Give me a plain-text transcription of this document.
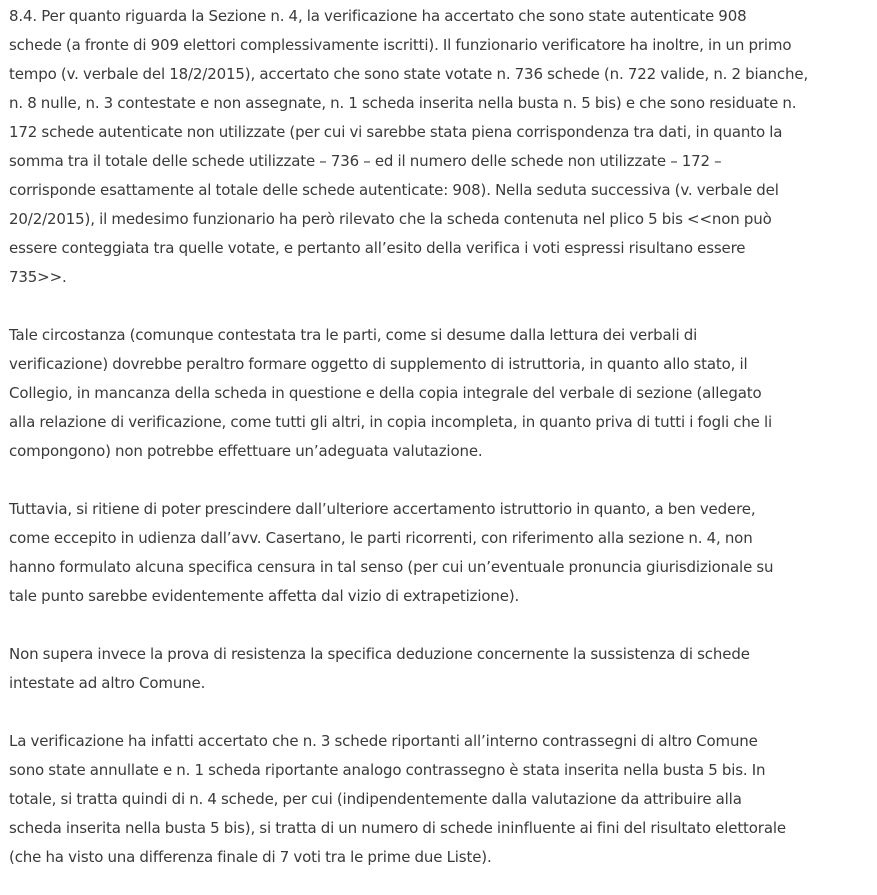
8.4. Per quanto riguarda la Sezione n. 4, la verificazione ha accertato che sono state autenticate 908
schede (a fronte di 909 elettori complessivamente iscritti). Il funzionario verificatore ha inoltre, in un primo
tempo (v. verbale del 18/2/2015), accertato che sono state votate n. 736 schede (n. 722 valide, n. 2 bianche,
n. 8 nulle, n. 3 contestate e non assegnate, n. 1 scheda inserita nella busta n. 5 bis) e che sono residuate n.
172 schede autenticate non utilizzate (per cui vi sarebbe stata piena corrispondenza tra dati, in quanto la
somma tra il totale delle schede utilizzate – 736 – ed il numero delle schede non utilizzate – 172 –
corrisponde esattamente al totale delle schede autenticate: 908). Nella seduta successiva (v. verbale del
20/2/2015), il medesimo funzionario ha però rilevato che la scheda contenuta nel plico 5 bis <<non può
essere conteggiata tra quelle votate, e pertanto all’esito della verifica i voti espressi risultano essere
735>>.

Tale circostanza (comunque contestata tra le parti, come si desume dalla lettura dei verbali di
verificazione) dovrebbe peraltro formare oggetto di supplemento di istruttoria, in quanto allo stato, il
Collegio, in mancanza della scheda in questione e della copia integrale del verbale di sezione (allegato
alla relazione di verificazione, come tutti gli altri, in copia incompleta, in quanto priva di tutti i fogli che li
compongono) non potrebbe effettuare un’adeguata valutazione.

Tuttavia, si ritiene di poter prescindere dall’ulteriore accertamento istruttorio in quanto, a ben vedere,
come eccepito in udienza dall’avv. Casertano, le parti ricorrenti, con riferimento alla sezione n. 4, non
hanno formulato alcuna specifica censura in tal senso (per cui un’eventuale pronuncia giurisdizionale su
tale punto sarebbe evidentemente affetta dal vizio di extrapetizione).

Non supera invece la prova di resistenza la specifica deduzione concernente la sussistenza di schede
intestate ad altro Comune.

La verificazione ha infatti accertato che n. 3 schede riportanti all’interno contrassegni di altro Comune
sono state annullate e n. 1 scheda riportante analogo contrassegno è stata inserita nella busta 5 bis. In
totale, si tratta quindi di n. 4 schede, per cui (indipendentemente dalla valutazione da attribuire alla
scheda inserita nella busta 5 bis), si tratta di un numero di schede ininfluente ai fini del risultato elettorale
(che ha visto una differenza finale di 7 voti tra le prime due Liste).
